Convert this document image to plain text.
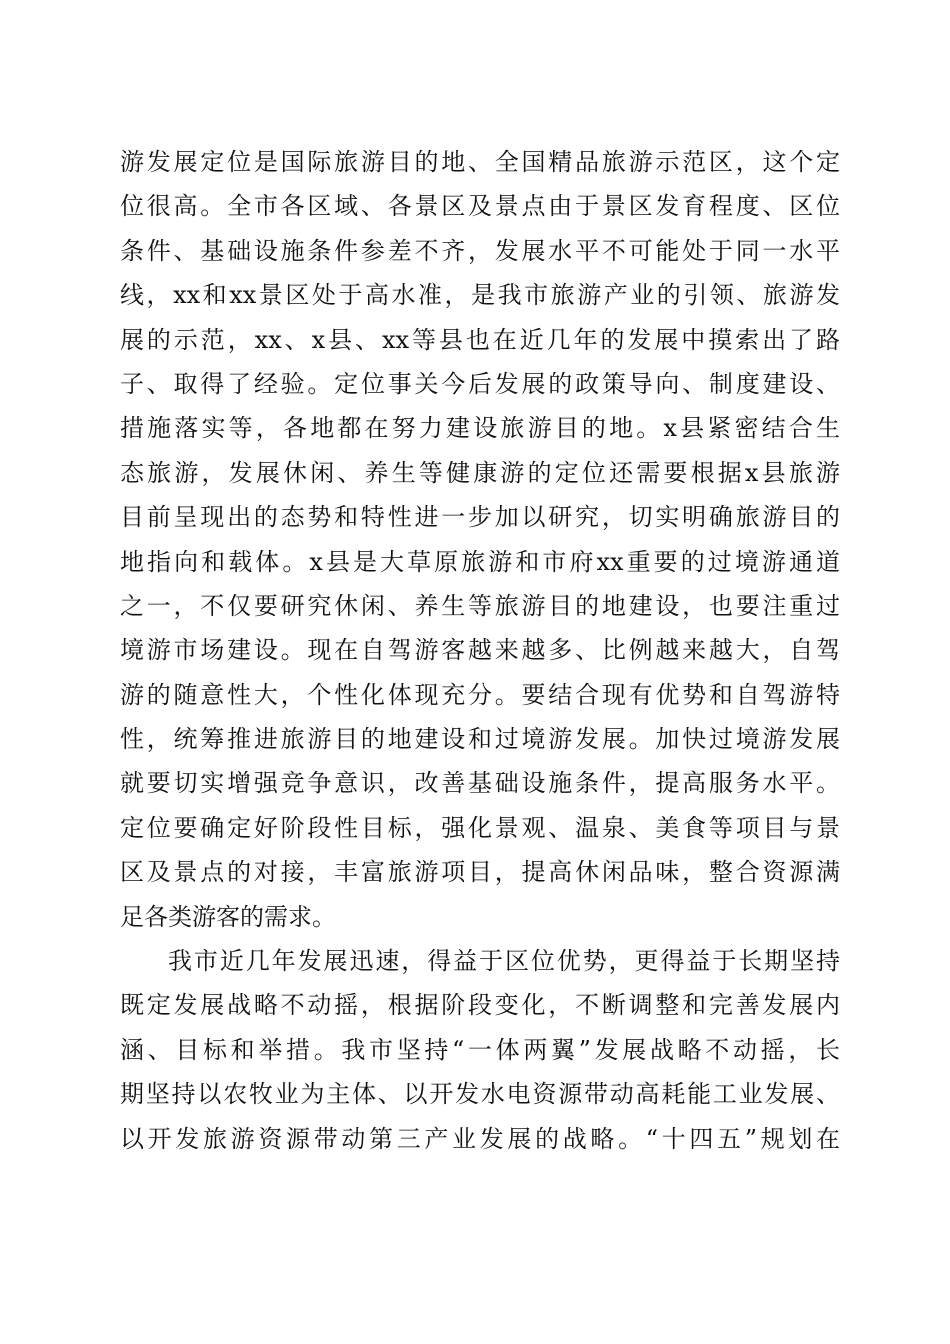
游发展定位是国际旅游目的地、全国精品旅游示范区，这个定
位很高。全市各区域、各景区及景点由于景区发育程度、区位
条件、基础设施条件参差不齐，发展水平不可能处于同一水平
线，xx和xx景区处于高水准，是我市旅游产业的引领、旅游发
展的示范，xx、x县、xx等县也在近几年的发展中摸索出了路
子、取得了经验。定位事关今后发展的政策导向、制度建设、
措施落实等，各地都在努力建设旅游目的地。x县紧密结合生
态旅游，发展休闲、养生等健康游的定位还需要根据x县旅游
目前呈现出的态势和特性进一步加以研究，切实明确旅游目的
地指向和载体。x县是大草原旅游和市府xx重要的过境游通道
之一，不仅要研究休闲、养生等旅游目的地建设，也要注重过
境游市场建设。现在自驾游客越来越多、比例越来越大，自驾
游的随意性大，个性化体现充分。要结合现有优势和自驾游特
性，统筹推进旅游目的地建设和过境游发展。加快过境游发展
就要切实增强竞争意识，改善基础设施条件，提高服务水平。
定位要确定好阶段性目标，强化景观、温泉、美食等项目与景
区及景点的对接，丰富旅游项目，提高休闲品味，整合资源满
足各类游客的需求。
我市近几年发展迅速，得益于区位优势，更得益于长期坚持
既定发展战略不动摇，根据阶段变化，不断调整和完善发展内
涵、目标和举措。我市坚持“一体两翼”发展战略不动摇，长
期坚持以农牧业为主体、以开发水电资源带动高耗能工业发展、
以开发旅游资源带动第三产业发展的战略。“十四五”规划在
